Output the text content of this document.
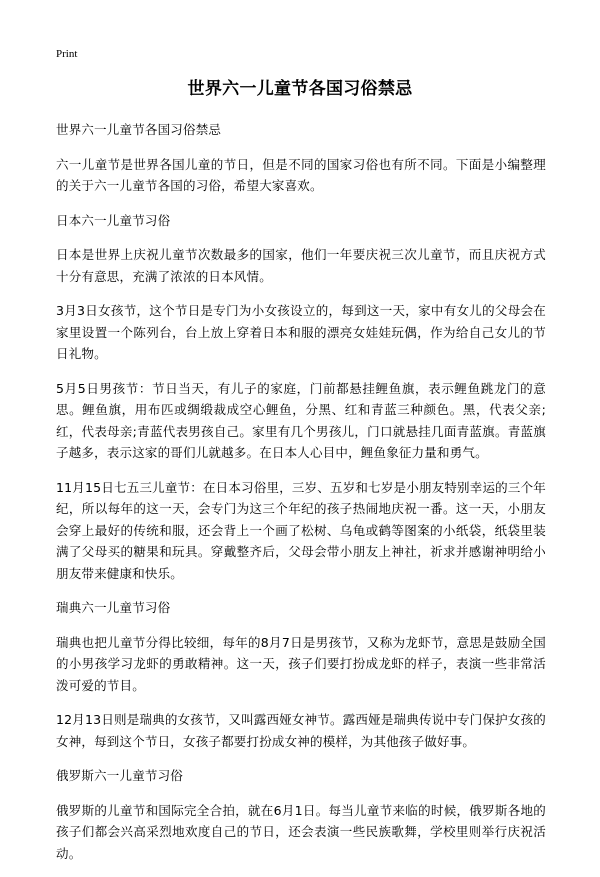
Print
世界六一儿童节各国习俗禁忌

世界六一儿童节各国习俗禁忌

六一儿童节是世界各国儿童的节日，但是不同的国家习俗也有所不同。下面是小编整理的关于六一儿童节各国的习俗，希望大家喜欢。

日本六一儿童节习俗

日本是世界上庆祝儿童节次数最多的国家，他们一年要庆祝三次儿童节，而且庆祝方式十分有意思，充满了浓浓的日本风情。

3月3日女孩节，这个节日是专门为小女孩设立的，每到这一天，家中有女儿的父母会在家里设置一个陈列台，台上放上穿着日本和服的漂亮女娃娃玩偶，作为给自己女儿的节日礼物。

5月5日男孩节：节日当天，有儿子的家庭，门前都悬挂鲤鱼旗，表示鲤鱼跳龙门的意思。鲤鱼旗，用布匹或绸缎裁成空心鲤鱼，分黑、红和青蓝三种颜色。黑，代表父亲;红，代表母亲;青蓝代表男孩自己。家里有几个男孩儿，门口就悬挂几面青蓝旗。青蓝旗子越多，表示这家的哥们儿就越多。在日本人心目中，鲤鱼象征力量和勇气。

11月15日七五三儿童节：在日本习俗里，三岁、五岁和七岁是小朋友特别幸运的三个年纪，所以每年的这一天，会专门为这三个年纪的孩子热闹地庆祝一番。这一天，小朋友会穿上最好的传统和服，还会背上一个画了松树、乌龟或鹤等图案的小纸袋，纸袋里装满了父母买的糖果和玩具。穿戴整齐后，父母会带小朋友上神社，祈求并感谢神明给小朋友带来健康和快乐。

瑞典六一儿童节习俗

瑞典也把儿童节分得比较细，每年的8月7日是男孩节，又称为龙虾节，意思是鼓励全国的小男孩学习龙虾的勇敢精神。这一天，孩子们要打扮成龙虾的样子，表演一些非常活泼可爱的节目。

12月13日则是瑞典的女孩节，又叫露西娅女神节。露西娅是瑞典传说中专门保护女孩的女神，每到这个节日，女孩子都要打扮成女神的模样，为其他孩子做好事。

俄罗斯六一儿童节习俗

俄罗斯的儿童节和国际完全合拍，就在6月1日。每当儿童节来临的时候，俄罗斯各地的孩子们都会兴高采烈地欢度自己的节日，还会表演一些民族歌舞，学校里则举行庆祝活动。
